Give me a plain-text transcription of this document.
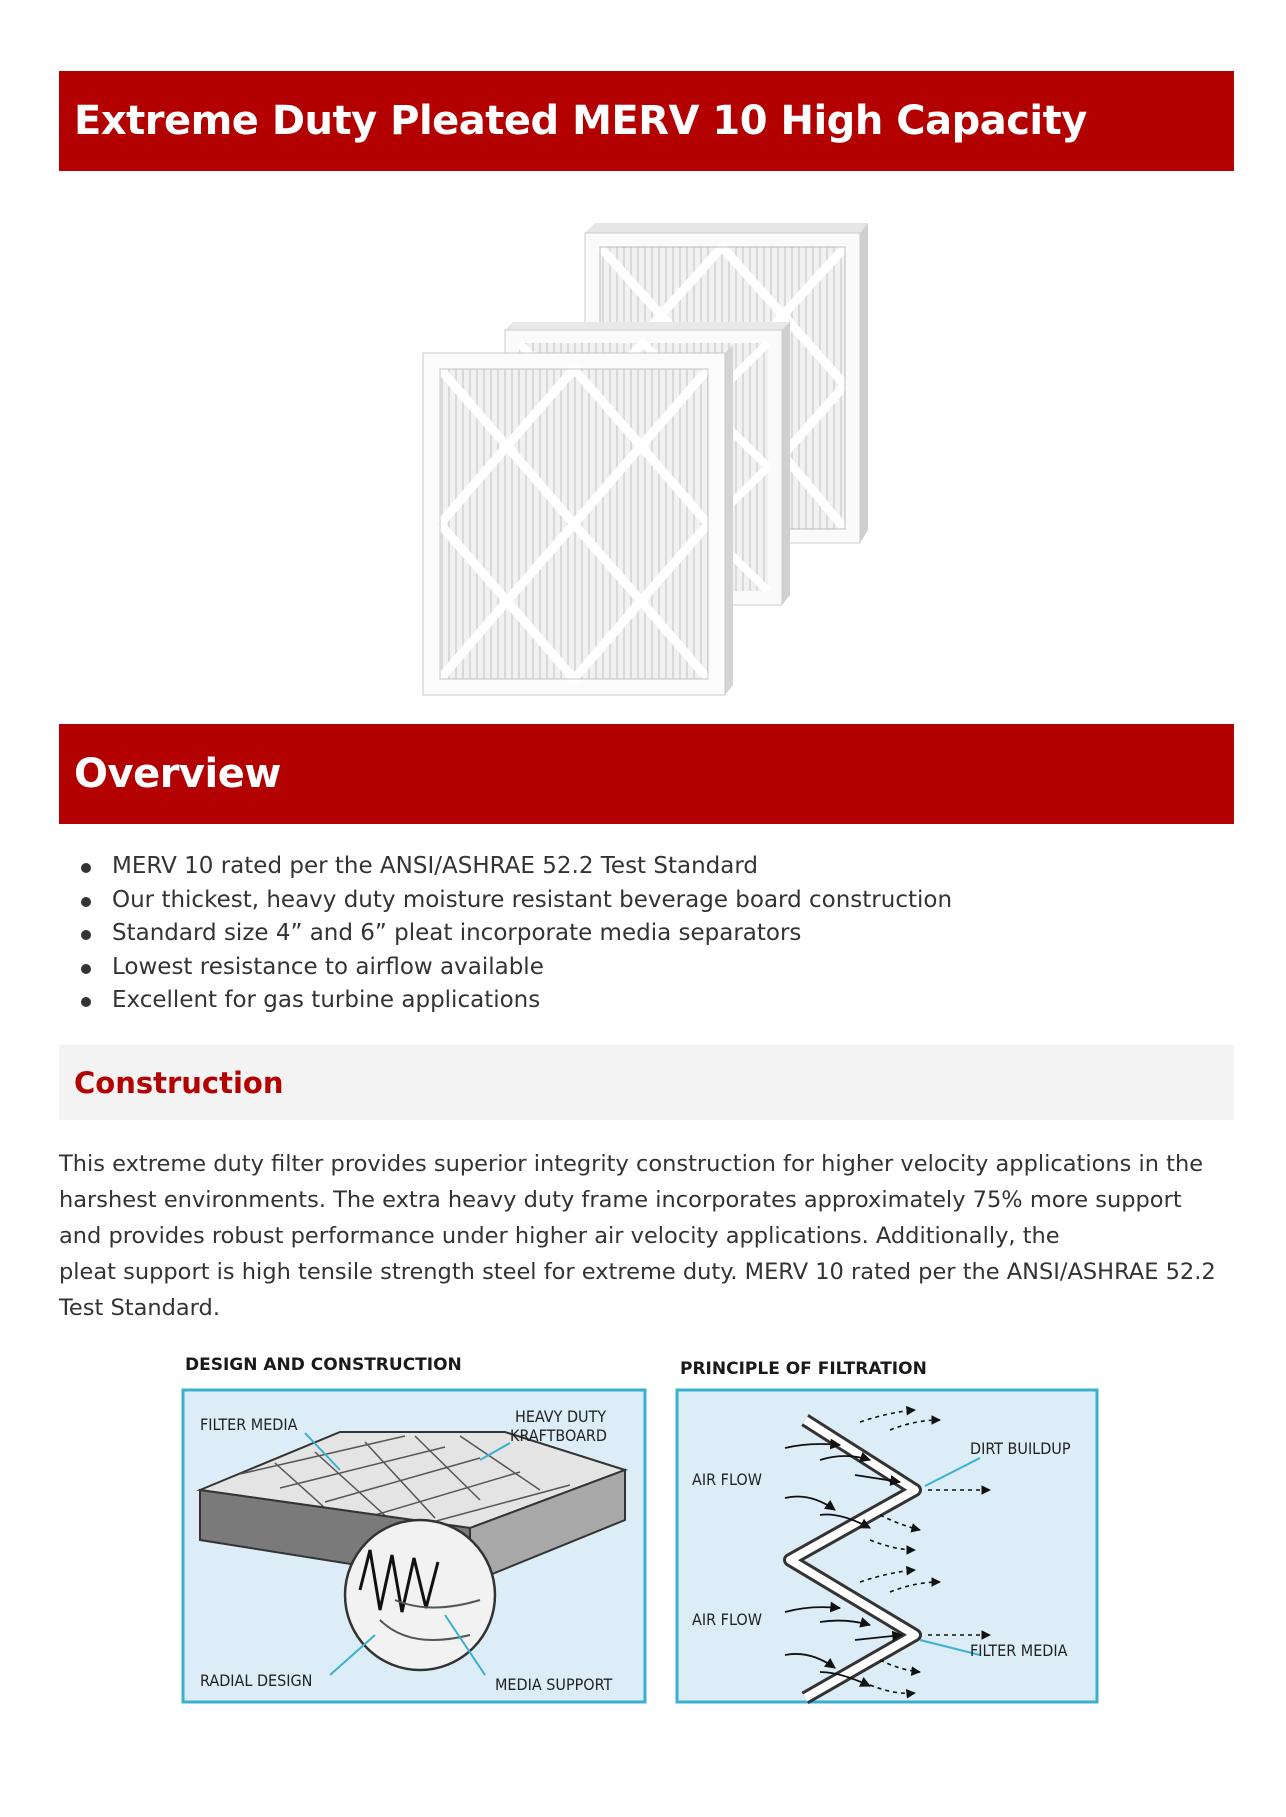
Extreme Duty Pleated MERV 10 High Capacity
Overview
MERV 10 rated per the ANSI/ASHRAE 52.2 Test Standard
Our thickest, heavy duty moisture resistant beverage board construction
Standard size 4” and 6” pleat incorporate media separators
Lowest resistance to airflow available
Excellent for gas turbine applications
Construction

This extreme duty filter provides superior integrity construction for higher velocity applications in the
harshest environments. The extra heavy duty frame incorporates approximately 75% more support
and provides robust performance under higher air velocity applications. Additionally, the
pleat support is high tensile strength steel for extreme duty. MERV 10 rated per the ANSI/ASHRAE 52.2
Test Standard.

DESIGN AND CONSTRUCTION
FILTER MEDIA	HEAVY DUTY
KRAFTBOARD
RADIAL DESIGN	MEDIA SUPPORT
PRINCIPLE OF FILTRATION
AIR FLOW
AIR FLOW
DIRT BUILDUP
FILTER MEDIA
